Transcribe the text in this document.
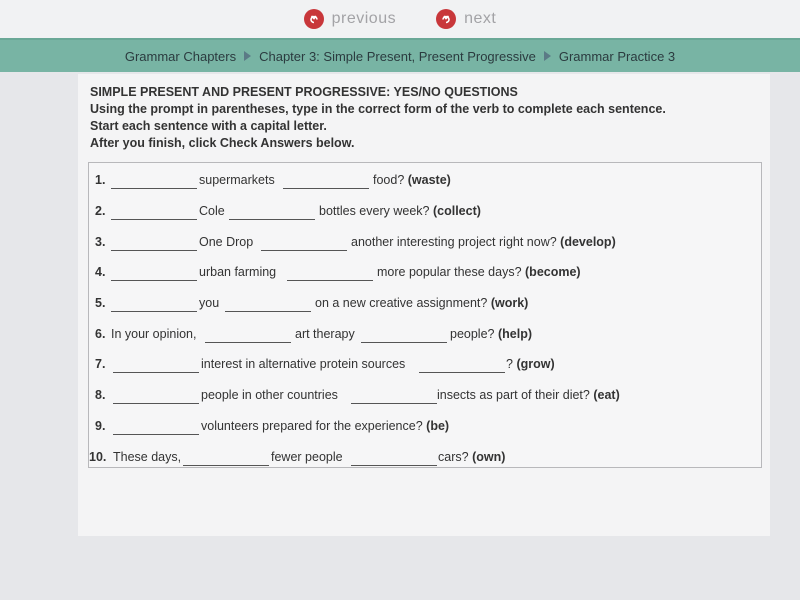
previous	next
Grammar Chapters	Chapter 3: Simple Present, Present Progressive	Grammar Practice 3
SIMPLE PRESENT AND PRESENT PROGRESSIVE: YES/NO QUESTIONS
Using the prompt in parentheses, type in the correct form of the verb to complete each sentence.
Start each sentence with a capital letter.
After you finish, click Check Answers below.
1.	supermarkets	food? (waste)
2.	Cole	bottles every week? (collect)
3.	One Drop	another interesting project right now? (develop)
4.	urban farming	more popular these days? (become)
5.	you	on a new creative assignment? (work)
6. In your opinion,	art therapy	people? (help)
7.	interest in alternative protein sources	? (grow)
8.	people in other countries	insects as part of their diet? (eat)
9.	volunteers prepared for the experience? (be)
10. These days,	fewer people	cars? (own)
